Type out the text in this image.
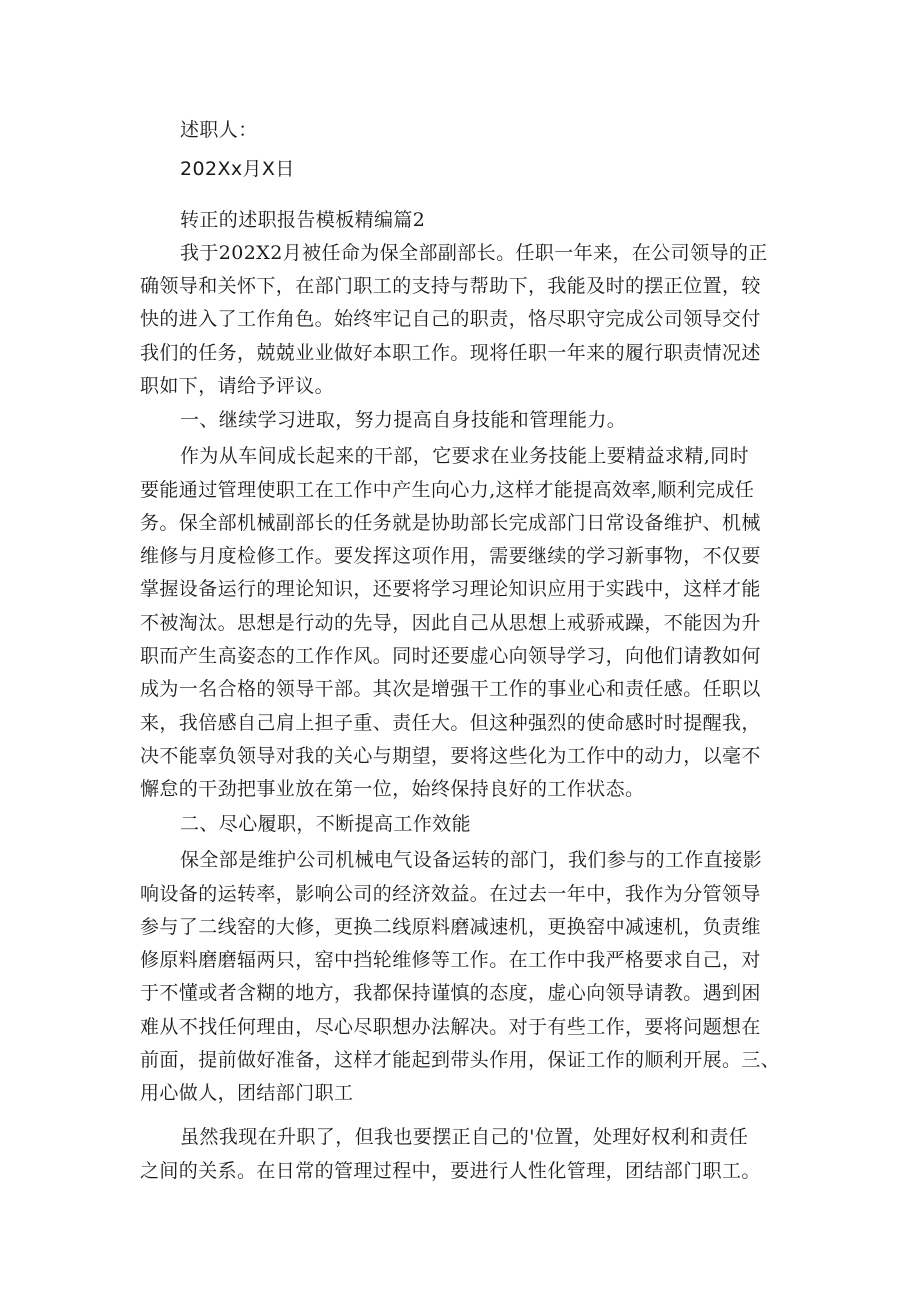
述职人：
202Xx月X日
转正的述职报告模板精编篇2
我于202X2月被任命为保全部副部长。任职一年来，在公司领导的正
确领导和关怀下，在部门职工的支持与帮助下，我能及时的摆正位置，较
快的进入了工作角色。始终牢记自己的职责，恪尽职守完成公司领导交付
我们的任务，兢兢业业做好本职工作。现将任职一年来的履行职责情况述
职如下，请给予评议。
一、继续学习进取，努力提高自身技能和管理能力。
作为从车间成长起来的干部，它要求在业务技能上要精益求精,同时
要能通过管理使职工在工作中产生向心力,这样才能提高效率,顺利完成任
务。保全部机械副部长的任务就是协助部长完成部门日常设备维护、机械
维修与月度检修工作。要发挥这项作用，需要继续的学习新事物，不仅要
掌握设备运行的理论知识，还要将学习理论知识应用于实践中，这样才能
不被淘汰。思想是行动的先导，因此自己从思想上戒骄戒躁，不能因为升
职而产生高姿态的工作作风。同时还要虚心向领导学习，向他们请教如何
成为一名合格的领导干部。其次是增强干工作的事业心和责任感。任职以
来，我倍感自己肩上担子重、责任大。但这种强烈的使命感时时提醒我，
决不能辜负领导对我的关心与期望，要将这些化为工作中的动力，以毫不
懈怠的干劲把事业放在第一位，始终保持良好的工作状态。
二、尽心履职，不断提高工作效能
保全部是维护公司机械电气设备运转的部门，我们参与的工作直接影
响设备的运转率，影响公司的经济效益。在过去一年中，我作为分管领导
参与了二线窑的大修，更换二线原料磨减速机，更换窑中减速机，负责维
修原料磨磨辐两只，窑中挡轮维修等工作。在工作中我严格要求自己，对
于不懂或者含糊的地方，我都保持谨慎的态度，虚心向领导请教。遇到困
难从不找任何理由，尽心尽职想办法解决。对于有些工作，要将问题想在
前面，提前做好准备，这样才能起到带头作用，保证工作的顺利开展。三、
用心做人，团结部门职工
虽然我现在升职了，但我也要摆正自己的'位置，处理好权利和责任
之间的关系。在日常的管理过程中，要进行人性化管理，团结部门职工。
